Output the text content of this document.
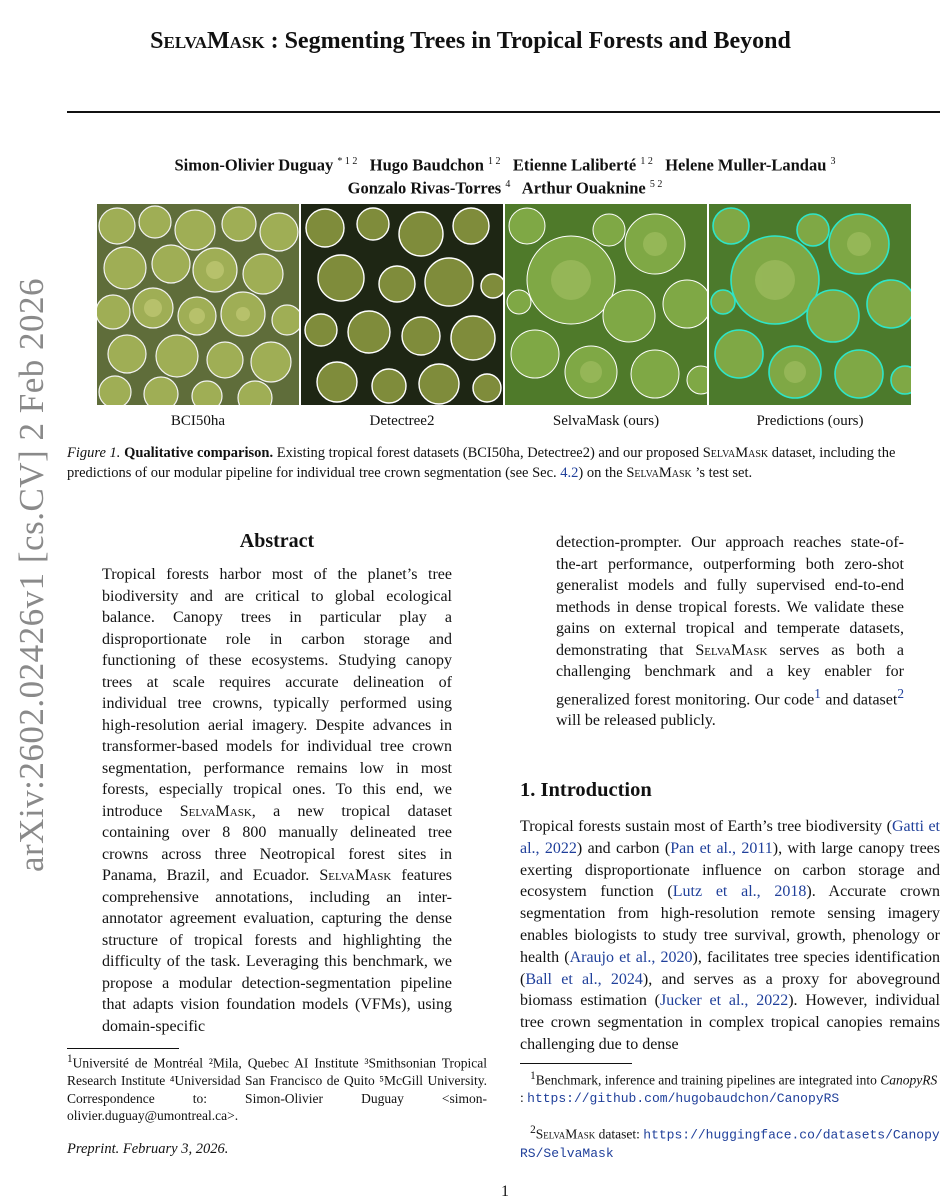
SelvaMask : Segmenting Trees in Tropical Forests and Beyond
Simon-Olivier Duguay $^{* 1 2}$ Hugo Baudchon $^{1 2}$ Etienne Laliberté $^{1 2}$ Helene Muller-Landau $^3$
Gonzalo Rivas-Torres $^4$ Arthur Ouaknine $^{5 2}$
BCI50ha	Detectree2	SelvaMask (ours)	Predictions (ours)
Figure 1. Qualitative comparison. Existing tropical forest datasets (BCI50ha, Detectree2) and our proposed SelvaMask dataset, including the predictions of our modular pipeline for individual tree crown segmentation (see Sec. 4.2) on the SelvaMask ’s test set.
arXiv:2602.02426v1 [cs.CV] 2 Feb 2026	Abstract
Tropical forests harbor most of the planet’s tree biodiversity and are critical to global ecological balance. Canopy trees in particular play a disproportionate role in carbon storage and functioning of these ecosystems. Studying canopy trees at scale requires accurate delineation of individual tree crowns, typically performed using high-resolution aerial imagery. Despite advances in transformer-based models for individual tree crown segmentation, performance remains low in most forests, especially tropical ones. To this end, we introduce SelvaMask, a new tropical dataset containing over 8 800 manually delineated tree crowns across three Neotropical forest sites in Panama, Brazil, and Ecuador. SelvaMask features comprehensive annotations, including an inter-annotator agreement evaluation, capturing the dense structure of tropical forests and highlighting the difficulty of the task. Leveraging this benchmark, we propose a modular detection-segmentation pipeline that adapts vision foundation models (VFMs), using domain-specific
detection-prompter. Our approach reaches state-of-the-art performance, outperforming both zero-shot generalist models and fully supervised end-to-end methods in dense tropical forests. We validate these gains on external tropical and temperate datasets, demonstrating that SelvaMask serves as both a challenging benchmark and a key enabler for generalized forest monitoring. Our code$^1$ and dataset$^2$ will be released publicly.
1. Introduction
Tropical forests sustain most of Earth’s tree biodiversity (Gatti et al., 2022) and carbon (Pan et al., 2011), with large canopy trees exerting disproportionate influence on carbon storage and ecosystem function (Lutz et al., 2018). Accurate crown segmentation from high-resolution remote sensing imagery enables biologists to study tree survival, growth, phenology or health (Araujo et al., 2020), facilitates tree species identification (Ball et al., 2024), and serves as a proxy for aboveground biomass estimation (Jucker et al., 2022). However, individual tree crown segmentation in complex tropical canopies remains challenging due to dense
$^1$Université de Montréal ²Mila, Quebec AI Institute ³Smithsonian Tropical Research Institute ⁴Universidad San Francisco de Quito ⁵McGill University. Correspondence to: Simon-Olivier Duguay <simon-olivier.duguay@umontreal.ca>.
$^1$Benchmark, inference and training pipelines are integrated into CanopyRS : https://github.com/hugobaudchon/CanopyRS
$^2$SelvaMask dataset: https://huggingface.co/datasets/CanopyRS/SelvaMask
Preprint. February 3, 2026.
1
